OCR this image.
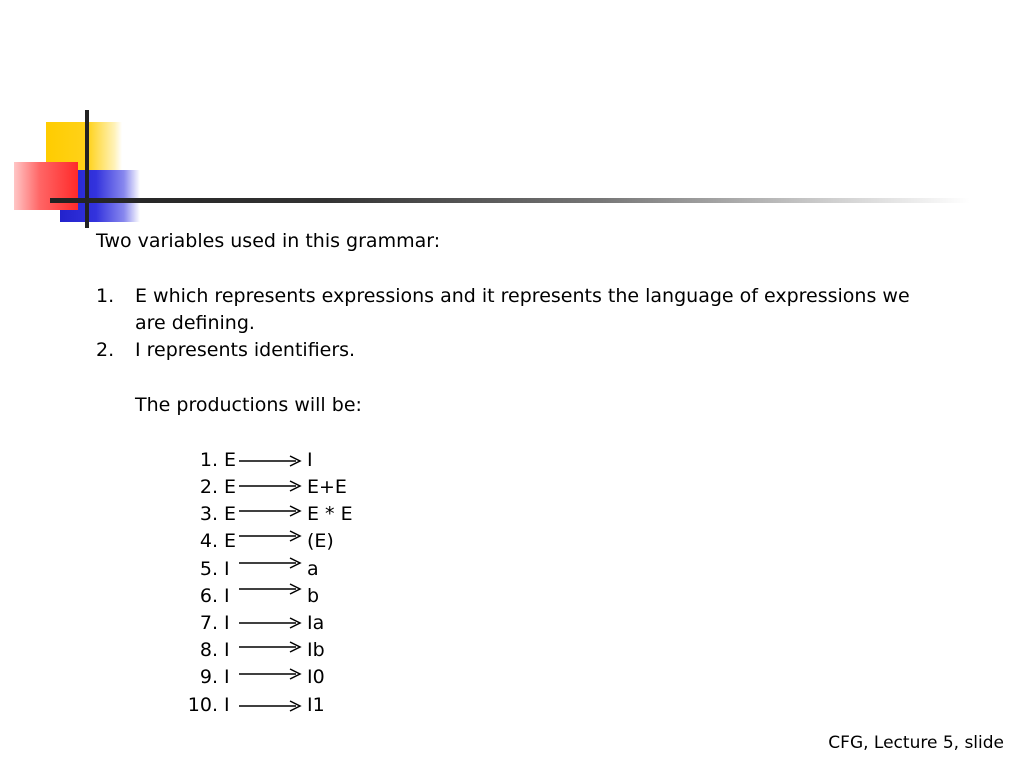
Two variables used in this grammar:
1. E which represents expressions and it represents the language of expressions we
are defining.
2. I represents identifiers.
The productions will be:
1. E	I
2. E	E+E
3. E	E * E
4. E	(E)
5. I	a
6. I	b
7. I	Ia
8. I	Ib
9. I	I0
10. I	I1
CFG, Lecture 5, slide
